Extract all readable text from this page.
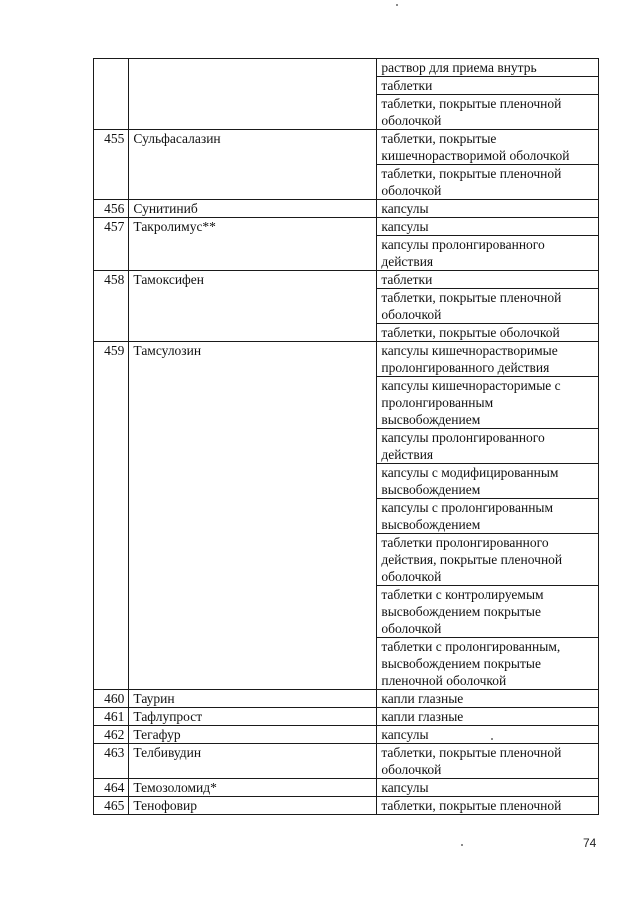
		раствор для приема внутрь
		таблетки
		таблетки, покрытые пленочной оболочкой
455	Сульфасалазин	таблетки, покрытые кишечнорастворимой оболочкой
		таблетки, покрытые пленочной оболочкой
456	Сунитиниб	капсулы
457	Такролимус**	капсулы
		капсулы пролонгированного действия
458	Тамоксифен	таблетки
		таблетки, покрытые пленочной оболочкой
		таблетки, покрытые оболочкой
459	Тамсулозин	капсулы кишечнорастворимые пролонгированного действия
		капсулы кишечнорасторимые с пролонгированным высвобождением
		капсулы пролонгированного действия
		капсулы с модифицированным высвобождением
		капсулы с пролонгированным высвобождением
		таблетки пролонгированного действия, покрытые пленочной оболочкой
		таблетки с контролируемым высвобождением покрытые оболочкой
		таблетки с пролонгированным, высвобождением покрытые пленочной оболочкой
460	Таурин	капли глазные
461	Тафлупрост	капли глазные
462	Тегафур	капсулы
463	Телбивудин	таблетки, покрытые пленочной оболочкой
464	Темозоломид*	капсулы
465	Тенофовир	таблетки, покрытые пленочной
74
